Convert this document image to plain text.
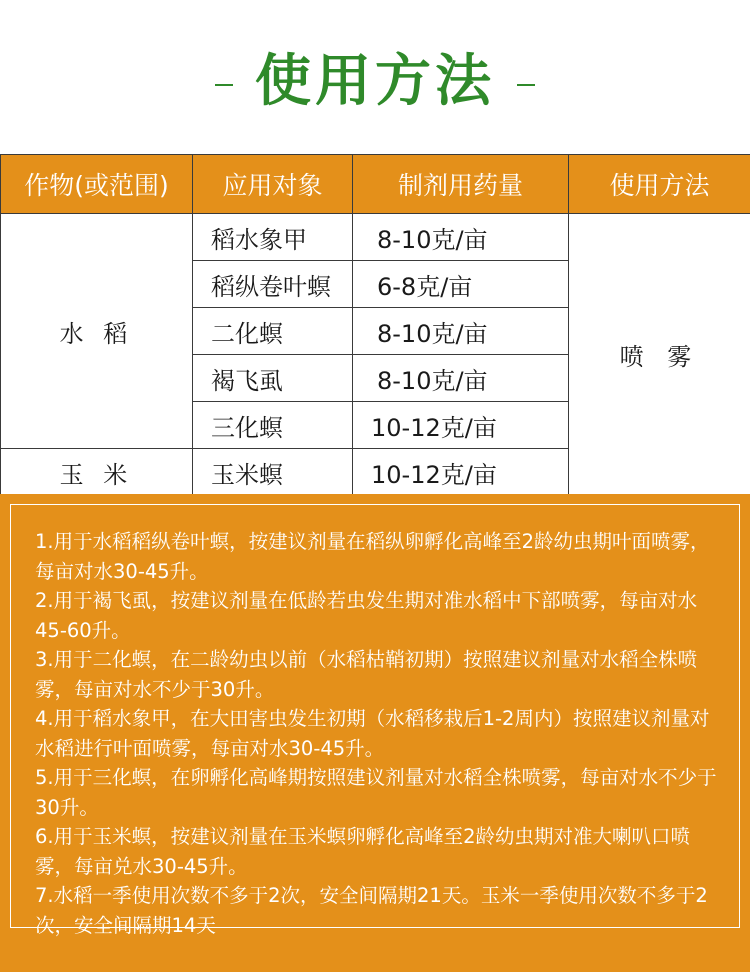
使用方法
作物(或范围)	应用对象	制剂用药量	使用方法
水 稻	稻水象甲	8-10克/亩	喷 雾
	稻纵卷叶螟	6-8克/亩	
	二化螟	8-10克/亩	
	褐飞虱	8-10克/亩	
	三化螟	10-12克/亩	
玉 米	玉米螟	10-12克/亩	

1.用于水稻稻纵卷叶螟，按建议剂量在稻纵卵孵化高峰至2龄幼虫期叶面喷雾，每亩对水30-45升。

2.用于褐飞虱，按建议剂量在低龄若虫发生期对准水稻中下部喷雾，每亩对水45-60升。

3.用于二化螟，在二龄幼虫以前（水稻枯鞘初期）按照建议剂量对水稻全株喷雾，每亩对水不少于30升。

4.用于稻水象甲，在大田害虫发生初期（水稻移栽后1-2周内）按照建议剂量对水稻进行叶面喷雾，每亩对水30-45升。

5.用于三化螟，在卵孵化高峰期按照建议剂量对水稻全株喷雾，每亩对水不少于30升。

6.用于玉米螟，按建议剂量在玉米螟卵孵化高峰至2龄幼虫期对准大喇叭口喷雾，每亩兑水30-45升。

7.水稻一季使用次数不多于2次，安全间隔期21天。玉米一季使用次数不多于2次，安全间隔期14天
